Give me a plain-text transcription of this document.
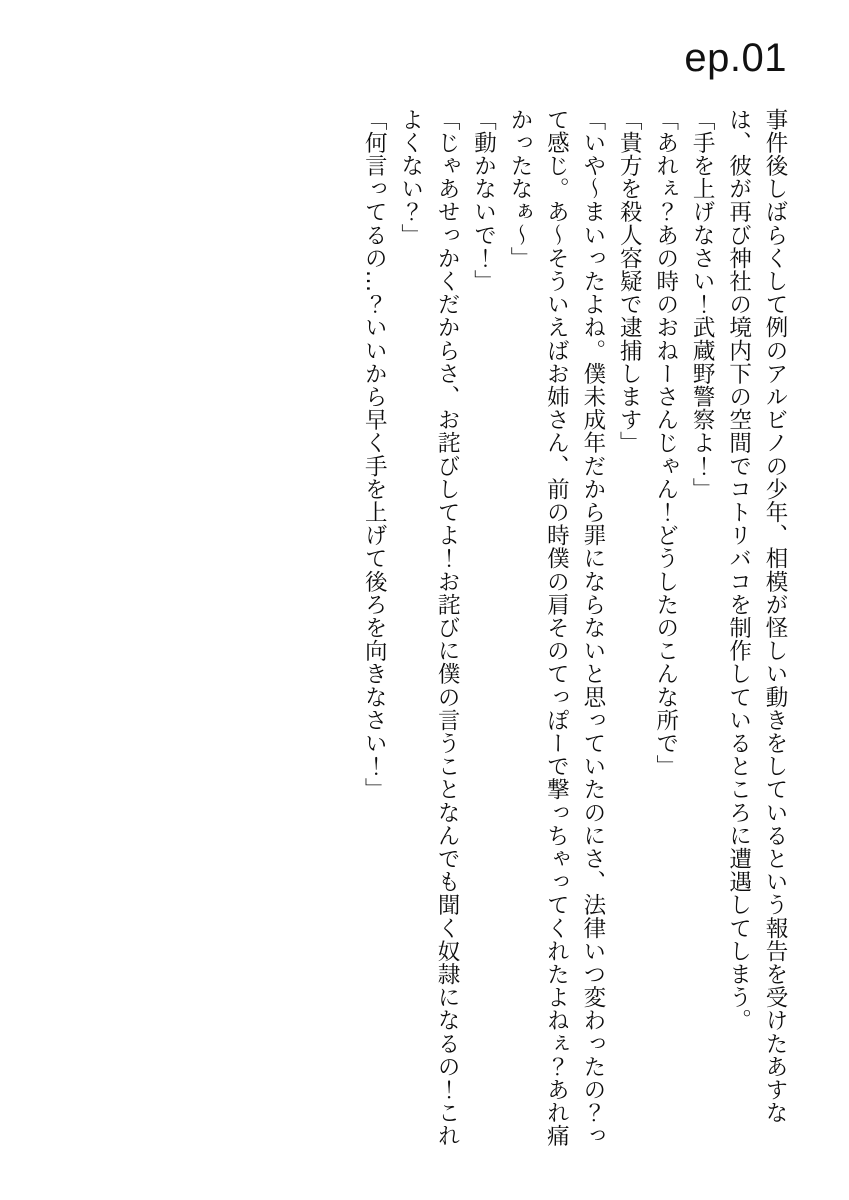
ep.01

事件後しばらくして例のアルビノの少年、相模が怪しい動きをしているという報告を受けたあすなは、彼が再び神社の境内下の空間でコトリバコを制作しているところに遭遇してしまう。

「手を上げなさい！武蔵野警察よ！」

「あれぇ？あの時のおねーさんじゃん！どうしたのこんな所で」

「貴方を殺人容疑で逮捕します」

「いや～まいったよね。僕未成年だから罪にならないと思っていたのにさ、法律いつ変わったの？って感じ。あ～そういえばお姉さん、前の時僕の肩そのてっぽーで撃っちゃってくれたよねぇ？あれ痛かったなぁ～」

「動かないで！」

「じゃあせっかくだからさ、お詫びしてよ！お詫びに僕の言うことなんでも聞く奴隷になるの！これよくない？」

「何言ってるの…？いいから早く手を上げて後ろを向きなさい！」
